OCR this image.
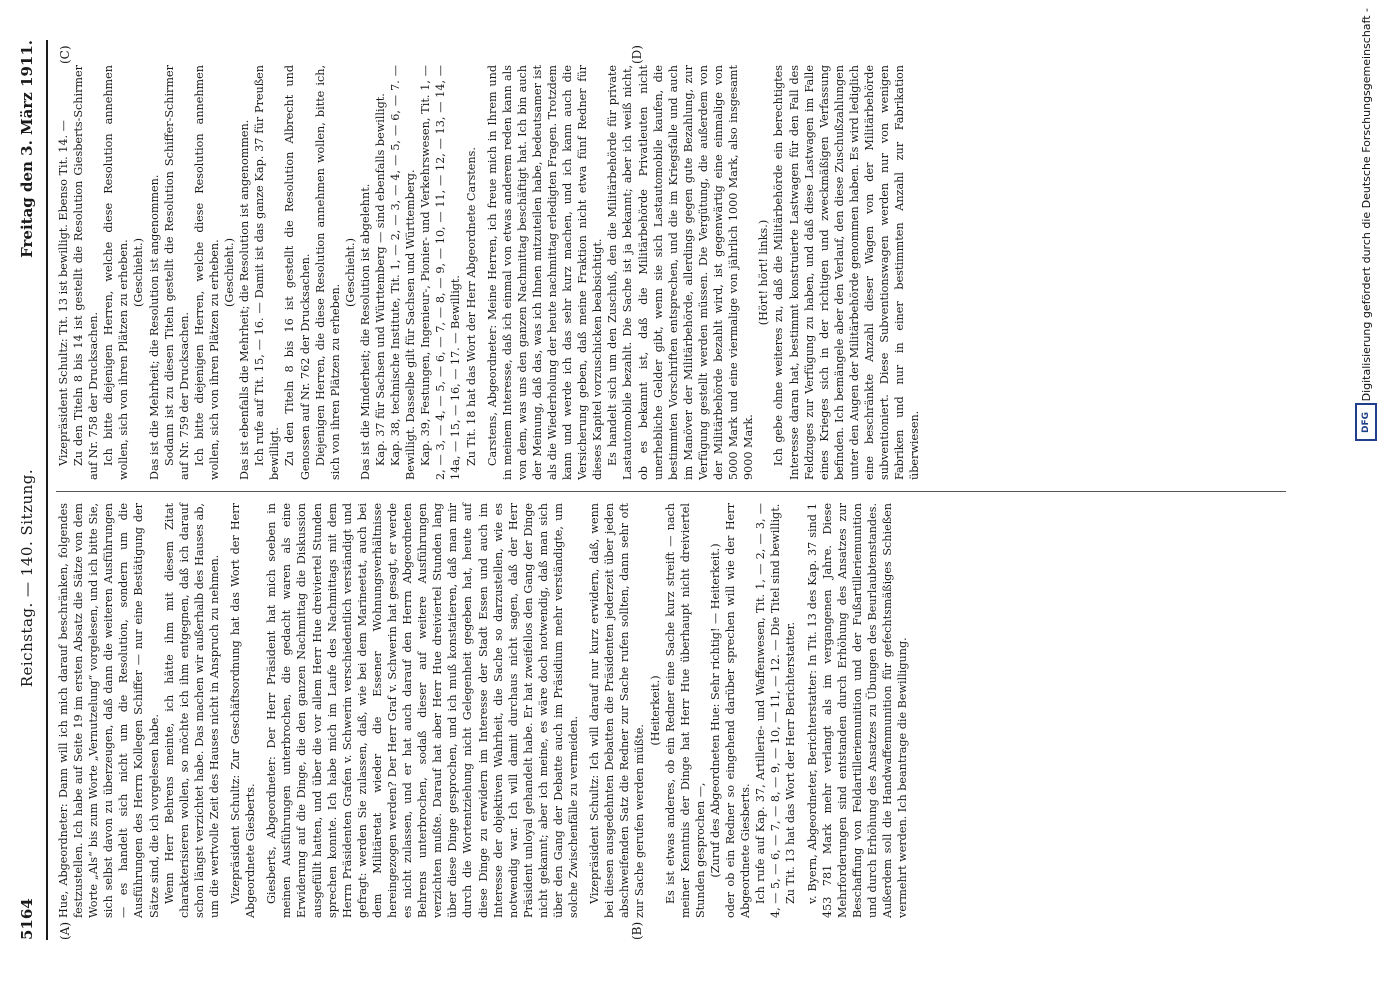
5164
Reichstag. — 140. Sitzung.
Freitag den 3. März 1911.
(A)	(B)
(C)	(D)

Hue, Abgeordneter: Dann will ich mich darauf beschränken, folgendes festzustellen. Ich habe auf Seite 19 im ersten Absatz die Sätze von dem Worte „Als“ bis zum Worte „Vernutzelung“ vorgelesen, und ich bitte Sie, sich selbst davon zu überzeugen, daß dann die weiteren Ausführungen — es handelt sich nicht um die Resolution, sondern um die Ausführungen des Herrn Kollegen Schiffer — nur eine Bestätigung der Sätze sind, die ich vorgelesen habe. Wenn Herr Behrens meinte, ich hätte ihm mit diesem Zitat charakterisieren wollen, so möchte ich ihm entgegnen, daß ich darauf schon längst verzichtet habe. Das machen wir außerhalb des Hauses ab, um die wertvolle Zeit des Hauses nicht in Anspruch zu nehmen. Vizepräsident Schultz: Zur Geschäftsordnung hat das Wort der Herr Abgeordnete Giesberts. Giesberts, Abgeordneter: Der Herr Präsident hat mich soeben in meinen Ausführungen unterbrochen, die gedacht waren als eine Erwiderung auf die Dinge, die den ganzen Nachmittag die Diskussion ausgefüllt hatten, und über die vor allem Herr Hue dreiviertel Stunden sprechen konnte. Ich habe mich im Laufe des Nachmittags mit dem Herrn Präsidenten Grafen v. Schwerin verschiedentlich verständigt und gefragt: werden Sie zulassen, daß, wie bei dem Marineetat, auch bei dem Militäretat wieder die Essener Wohnungsverhältnisse hereingezogen werden? Der Herr Graf v. Schwerin hat gesagt, er werde es nicht zulassen, und er hat auch darauf den Herrn Abgeordneten Behrens unterbrochen, sodaß dieser auf weitere Ausführungen verzichten mußte. Darauf hat aber Herr Hue dreiviertel Stunden lang über diese Dinge gesprochen, und ich muß konstatieren, daß man mir durch die Wortentziehung nicht Gelegenheit gegeben hat, heute auf diese Dinge zu erwidern im Interesse der Stadt Essen und auch im Interesse der objektiven Wahrheit, die Sache so darzustellen, wie es notwendig war. Ich will damit durchaus nicht sagen, daß der Herr Präsident unloyal gehandelt habe. Er hat zweifellos den Gang der Dinge nicht gekannt; aber ich meine, es wäre doch notwendig, daß man sich über den Gang der Debatte auch im Präsidium mehr verständigte, um solche Zwischenfälle zu vermeiden. Vizepräsident Schultz: Ich will darauf nur kurz erwidern, daß, wenn bei diesen ausgedehnten Debatten die Präsidenten jederzeit über jeden abschweifenden Satz die Redner zur Sache rufen sollten, dann sehr oft zur Sache gerufen werden müßte.

(Heiterkeit.) Es ist etwas anderes, ob ein Redner eine Sache kurz streift — nach meiner Kenntnis der Dinge hat Herr Hue überhaupt nicht dreiviertel Stunden gesprochen —, (Zuruf des Abgeordneten Hue: Sehr richtig! — Heiterkeit.) oder ob ein Redner so eingehend darüber sprechen will wie der Herr Abgeordnete Giesberts. Ich rufe auf Kap. 37, Artillerie- und Waffenwesen, Tit. 1, — 2, — 3, — 4, — 5, — 6, — 7, — 8, — 9, — 10, — 11, — 12. — Die Titel sind bewilligt. Zu Tit. 13 hat das Wort der Herr Berichterstatter. v. Byern, Abgeordneter, Berichterstatter: In Tit. 13 des Kap. 37 sind 1 453 781 Mark mehr verlangt als im vergangenen Jahre. Diese Mehrforderungen sind entstanden durch Erhöhung des Ansatzes zur Beschaffung von Feldartilleriemunition und der Fußartilleriemunition und durch Erhöhung des Ansatzes zu Übungen des Beurlaubtenstandes. Außerdem soll die Handwaffenmunition für gefechtsmäßiges Schießen vermehrt werden. Ich beantrage die Bewilligung.

Vizepräsident Schultz: Tit. 13 ist bewilligt. Ebenso Tit. 14. — Zu den Titeln 8 bis 14 ist gestellt die Resolution Giesberts-Schirmer auf Nr. 758 der Drucksachen. Ich bitte diejenigen Herren, welche diese Resolution annehmen wollen, sich von ihren Plätzen zu erheben. (Geschieht.) Das ist die Mehrheit; die Resolution ist angenommen. Sodann ist zu diesen Titeln gestellt die Resolution Schiffer-Schirmer auf Nr. 759 der Drucksachen. Ich bitte diejenigen Herren, welche diese Resolution annehmen wollen, sich von ihren Plätzen zu erheben. (Geschieht.) Das ist ebenfalls die Mehrheit; die Resolution ist angenommen. Ich rufe auf Tit. 15, — 16. — Damit ist das ganze Kap. 37 für Preußen bewilligt. Zu den Titeln 8 bis 16 ist gestellt die Resolution Albrecht und Genossen auf Nr. 762 der Drucksachen. Diejenigen Herren, die diese Resolution annehmen wollen, bitte ich, sich von ihren Plätzen zu erheben.

(Geschieht.) Das ist die Minderheit; die Resolution ist abgelehnt. Kap. 37 für Sachsen und Württemberg — sind ebenfalls bewilligt. Kap. 38, technische Institute, Tit. 1, — 2, — 3, — 4, — 5, — 6, — 7. — Bewilligt. Dasselbe gilt für Sachsen und Württemberg. Kap. 39, Festungen, Ingenieur-, Pionier- und Verkehrswesen, Tit. 1, — 2, — 3, — 4, — 5, — 6, — 7, — 8, — 9, — 10, — 11, — 12, — 13, — 14, — 14a, — 15, — 16, — 17. — Bewilligt. Zu Tit. 18 hat das Wort der Herr Abgeordnete Carstens. Carstens, Abgeordneter: Meine Herren, ich freue mich in Ihrem und in meinem Interesse, daß ich einmal von etwas anderem reden kann als von dem, was uns den ganzen Nachmittag beschäftigt hat. Ich bin auch der Meinung, daß das, was ich Ihnen mitzuteilen habe, bedeutsamer ist als die Wiederholung der heute nachmittag erledigten Fragen. Trotzdem kann und werde ich das sehr kurz machen, und ich kann auch die Versicherung geben, daß meine Fraktion nicht etwa fünf Redner für dieses Kapitel vorzuschicken beabsichtigt. Es handelt sich um den Zuschuß, den die Militärbehörde für private Lastautomobile bezahlt. Die Sache ist ja bekannt; aber ich weiß nicht, ob es bekannt ist, daß die Militärbehörde Privatleuten nicht unerhebliche Gelder gibt, wenn sie sich Lastautomobile kaufen, die bestimmten Vorschriften entsprechen, und die im Kriegsfalle und auch im Manöver der Militärbehörde, allerdings gegen gute Bezahlung, zur Verfügung gestellt werden müssen. Die Vergütung, die außerdem von der Militärbehörde bezahlt wird, ist gegenwärtig eine einmalige von 5000 Mark und eine viermalige von jährlich 1000 Mark, also insgesamt 9000 Mark.

(Hört! hört! links.) Ich gebe ohne weiteres zu, daß die Militärbehörde ein berechtigtes Interesse daran hat, bestimmt konstruierte Lastwagen für den Fall des Feldzuges zur Verfügung zu haben, und daß diese Lastwagen im Falle eines Krieges sich in der richtigen und zweckmäßigen Verfassung befinden. Ich bemängele aber den Verlauf, den diese Zuschußzahlungen unter den Augen der Militärbehörde genommen haben. Es wird lediglich eine beschränkte Anzahl dieser Wagen von der Militärbehörde subventioniert. Diese Subventionswagen werden nur von wenigen Fabriken und nur in einer bestimmten Anzahl zur Fabrikation überwiesen.

Digitalisierung gefördert durch die Deutsche Forschungsgemeinschaft -
DFG
